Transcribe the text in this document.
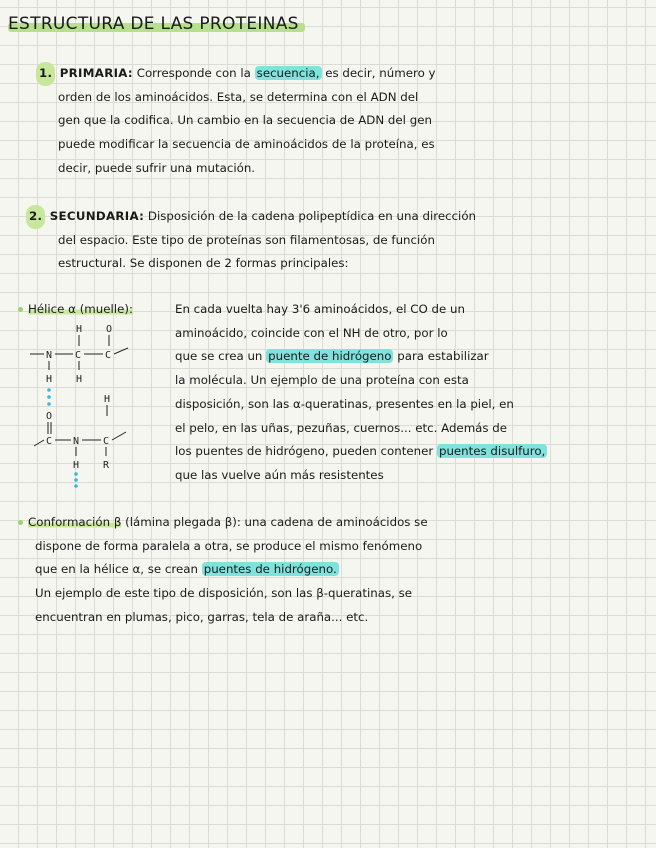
ESTRUCTURA DE LAS PROTEINAS
1. PRIMARIA: Corresponde con la secuencia, es decir, número y
orden de los aminoácidos. Esta, se determina con el ADN del
gen que la codifica. Un cambio en la secuencia de ADN del gen
puede modificar la secuencia de aminoácidos de la proteína, es
decir, puede sufrir una mutación.
2. SECUNDARIA: Disposición de la cadena polipeptídica en una dirección
del espacio. Este tipo de proteínas son filamentosas, de función
estructural. Se disponen de 2 formas principales:
Hélice α (muelle):	En cada vuelta hay 3'6 aminoácidos, el CO de un
aminoácido, coincide con el NH de otro, por lo
que se crea un puente de hidrógeno para estabilizar
la molécula. Un ejemplo de una proteína con esta
disposición, son las α-queratinas, presentes en la piel, en
el pelo, en las uñas, pezuñas, cuernos... etc. Además de
los puentes de hidrógeno, pueden contener puentes disulfuro,
que las vuelve aún más resistentes
H O
N C C
H H
O
H
C N C
H R
Conformación β (lámina plegada β): una cadena de aminoácidos se
dispone de forma paralela a otra, se produce el mismo fenómeno
que en la hélice α, se crean puentes de hidrógeno.
Un ejemplo de este tipo de disposición, son las β-queratinas, se
encuentran en plumas, pico, garras, tela de araña... etc.
